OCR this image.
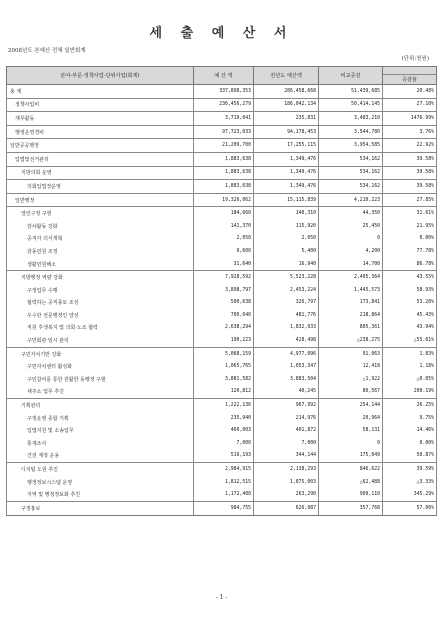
세 출 예 산 서
2008년도 본예산 전체 일반회계
(단위:천원)
분야·부문·정책사업·단위사업(회계)	예 산 액	전년도 예산액	비교증감	증감율

총 계	337,898,353	286,458,668	51,439,685	20.48%

정책사업비	236,456,279	186,042,134	50,414,145	27.10%

재무활동	3,719,041	235,831	3,483,210	1476.99%

행정운영경비	97,723,033	94,178,453	3,544,780	3.76%

일반공공행정	21,209,700	17,255,115	3,954,585	22.92%

입법및선거관리	1,883,638	1,349,476	534,162	39.58%

지방의회 운영	1,883,638	1,349,476	534,162	39.58%

의회입법정운영	1,883,638	1,349,476	534,162	39.58%

일반행정	19,326,062	15,115,839	4,210,223	27.85%

열린구정 구현	184,660	140,310	44,350	31.61%

감사활동 강화	141,370	115,920	25,450	21.95%

공직자 의식개혁	2,050	2,050	0	0.00%

감동민원 조정	9,600	5,400	4,200	77.78%

생활민원해소	31,640	16,940	14,700	86.78%

지방행정 역량 강화	7,928,592	5,523,228	2,405,364	43.55%

구정업무 수행	3,898,797	2,453,224	1,445,573	58.93%

협력하는 공직풍토 조성	500,638	326,797	173,841	53.20%

우수한 전문행정인 양성	700,640	481,776	218,864	45.43%

직원 후생복지 및 의회·노조 협력	2,638,294	1,832,933	805,361	43.94%

구민회관 임시 관리	190,223	428,498	△238,275	△55.61%

구민자치기반 강화	5,068,159	4,977,096	91,063	1.83%

구민자치센터 활성화	1,065,765	1,053,347	12,418	1.18%

구민참여를 통한 원활한 동행정 구현	3,881,582	3,883,504	△1,922	△0.05%

새주소 업무 추진	120,812	40,245	80,567	200.19%

기획관리	1,222,136	967,992	254,144	26.25%

구정운영 종합 기획	235,940	214,976	20,964	9.75%

입법지원 및 소송업무	460,003	401,872	58,131	14.46%

통계조사	7,000	7,000	0	0.00%

건전 재정 운용	519,193	344,144	175,049	50.87%

디지털 노원 추진	2,984,915	2,138,293	846,622	39.59%

행정정보시스템 운영	1,812,515	1,875,003	△62,488	△3.33%

지역 및 행정정보화 추진	1,172,400	263,290	909,110	345.29%

구정홍보	984,755	626,987	357,768	57.06%
- 1 -
